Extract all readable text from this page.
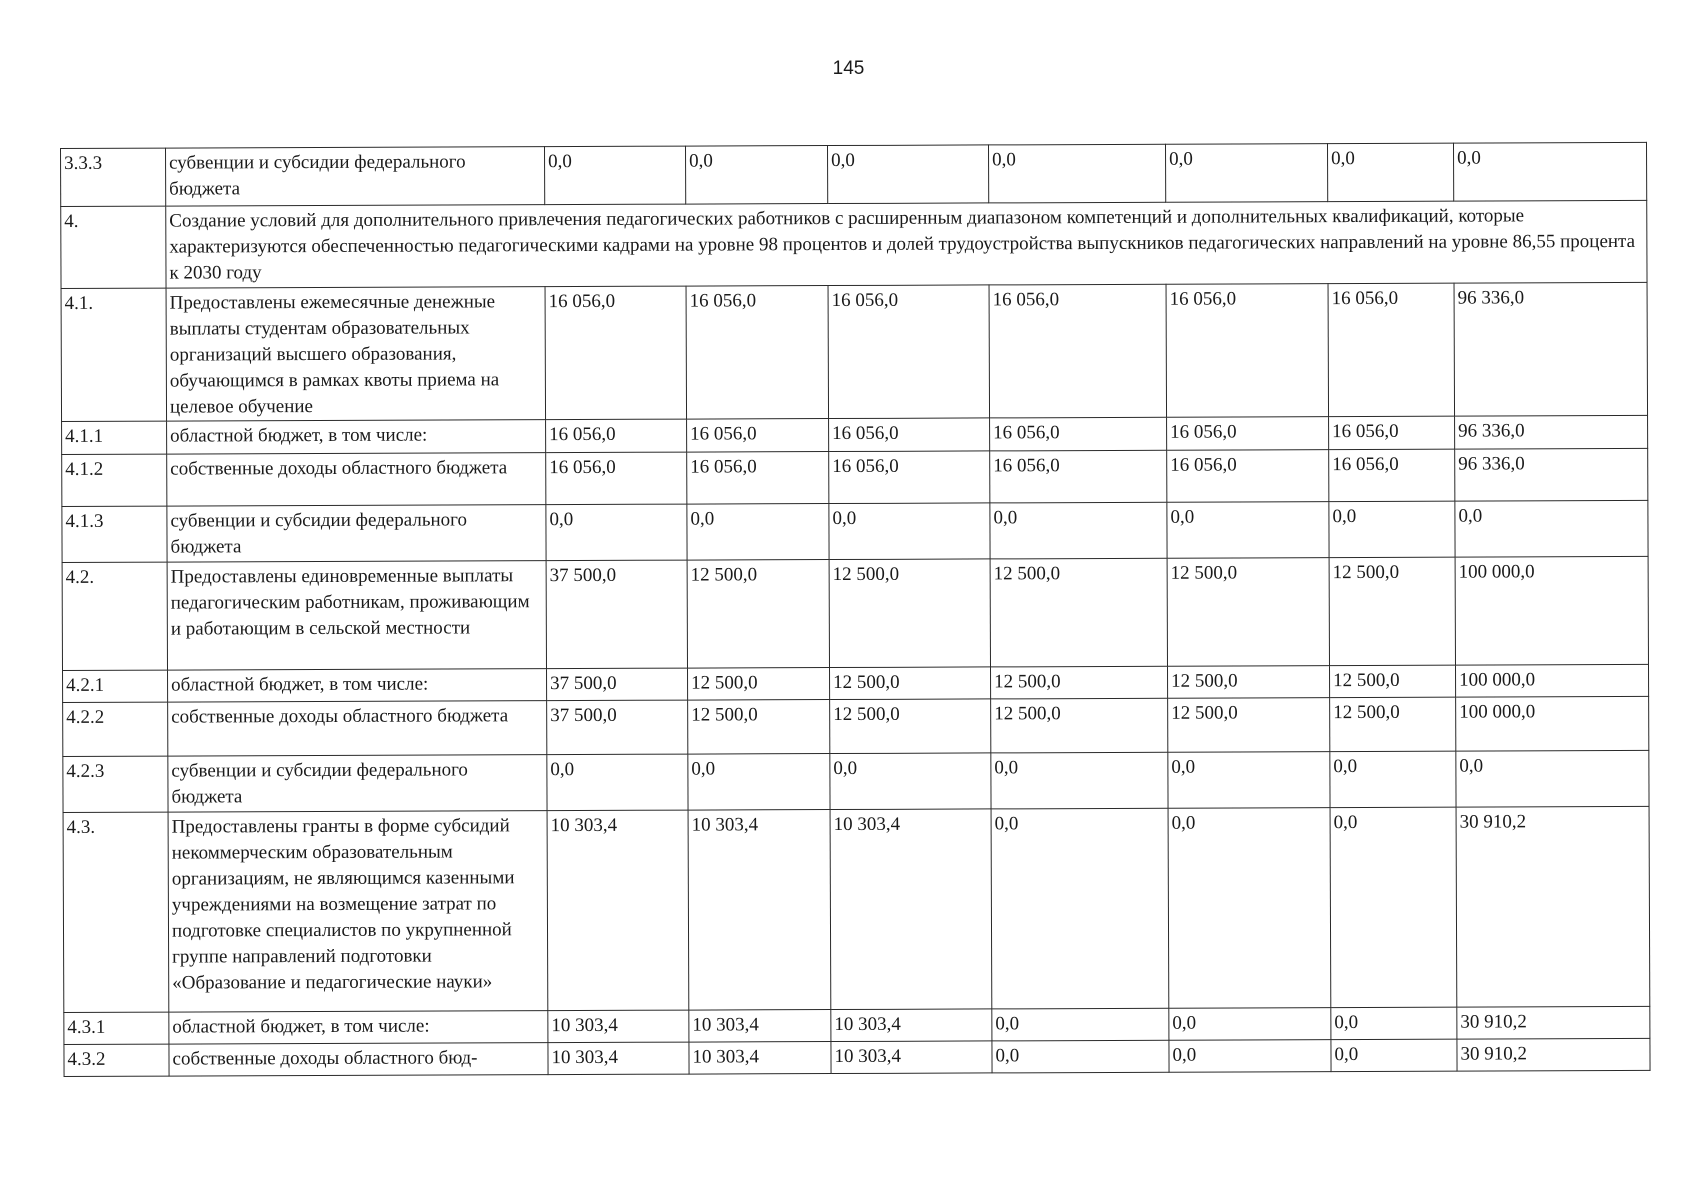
145
3.3.3	субвенции и субсидии федерального бюджета	0,0	0,0	0,0	0,0	0,0	0,0	0,0
4.	Создание условий для дополнительного привлечения педагогических работников с расширенным диапазоном компетенций и дополнительных квалификаций, которые характеризуются обеспеченностью педагогическими кадрами на уровне 98 процентов и долей трудоустройства выпускников педагогических направлений на уровне 86,55 процента к 2030 году							
4.1.	Предоставлены ежемесячные денежные выплаты студентам образовательных организаций высшего образования, обучающимся в рамках квоты приема на целевое обучение	16 056,0	16 056,0	16 056,0	16 056,0	16 056,0	16 056,0	96 336,0
4.1.1	областной бюджет, в том числе:	16 056,0	16 056,0	16 056,0	16 056,0	16 056,0	16 056,0	96 336,0
4.1.2	собственные доходы областного бюджета	16 056,0	16 056,0	16 056,0	16 056,0	16 056,0	16 056,0	96 336,0
4.1.3	субвенции и субсидии федерального бюджета	0,0	0,0	0,0	0,0	0,0	0,0	0,0
4.2.	Предоставлены единовременные выплаты педагогическим работникам, проживающим и работающим в сельской местности	37 500,0	12 500,0	12 500,0	12 500,0	12 500,0	12 500,0	100 000,0
4.2.1	областной бюджет, в том числе:	37 500,0	12 500,0	12 500,0	12 500,0	12 500,0	12 500,0	100 000,0
4.2.2	собственные доходы областного бюджета	37 500,0	12 500,0	12 500,0	12 500,0	12 500,0	12 500,0	100 000,0
4.2.3	субвенции и субсидии федерального бюджета	0,0	0,0	0,0	0,0	0,0	0,0	0,0
4.3.	Предоставлены гранты в форме субсидий некоммерческим образовательным организациям, не являющимся казенными учреждениями на возмещение затрат по подготовке специалистов по укрупненной группе направлений подготовки «Образование и педагогические науки»	10 303,4	10 303,4	10 303,4	0,0	0,0	0,0	30 910,2
4.3.1	областной бюджет, в том числе:	10 303,4	10 303,4	10 303,4	0,0	0,0	0,0	30 910,2
4.3.2	собственные доходы областного бюд-	10 303,4	10 303,4	10 303,4	0,0	0,0	0,0	30 910,2
